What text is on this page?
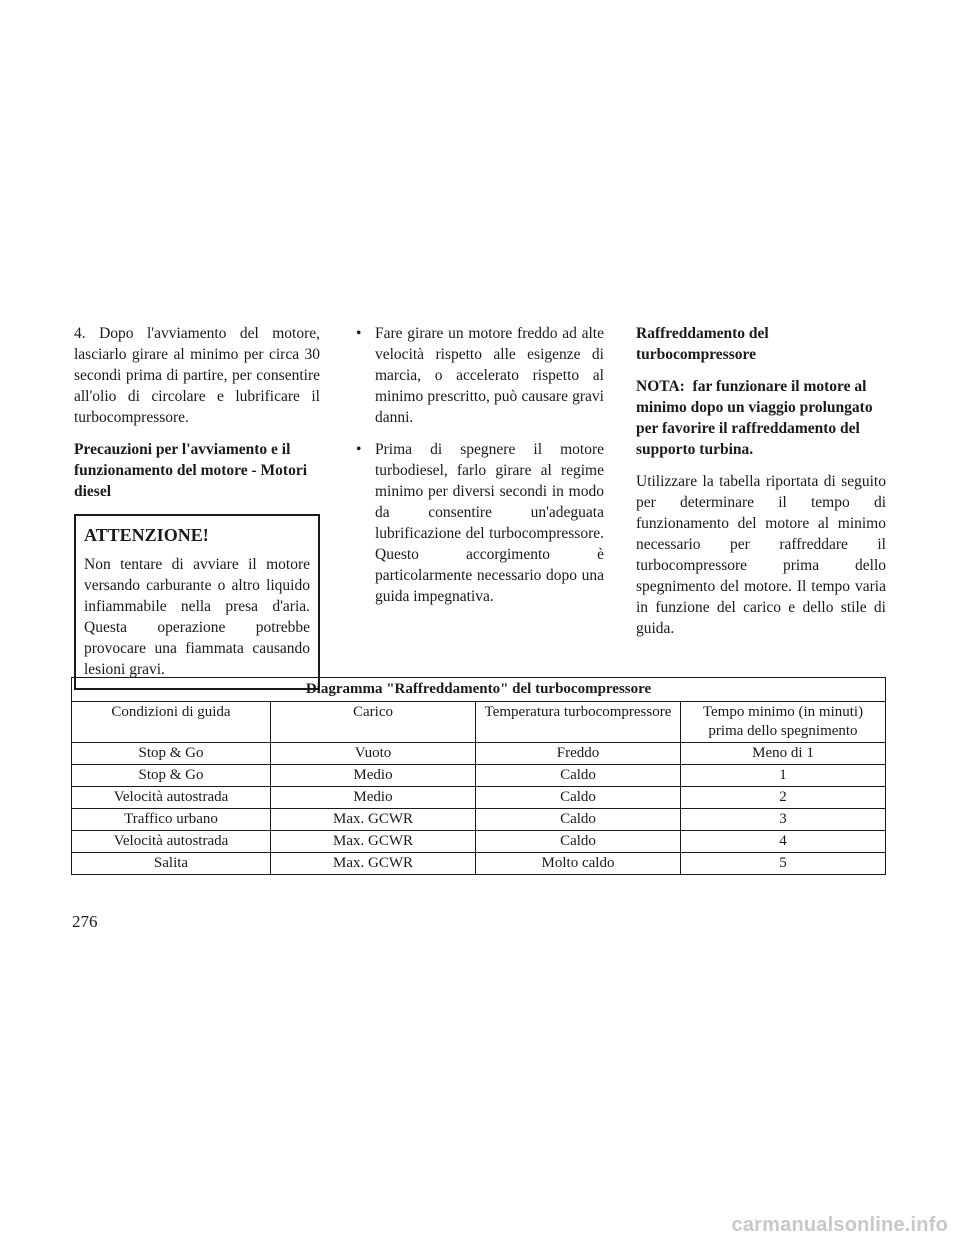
4. Dopo l'avviamento del motore, lasciarlo girare al minimo per circa 30 secondi prima di partire, per consentire all'olio di circolare e lubrificare il turbocompressore.

Precauzioni per l'avviamento e il funzionamento del motore - Motori diesel

ATTENZIONE!

Non tentare di avviare il motore versando carburante o altro liquido infiammabile nella presa d'aria. Questa operazione potrebbe provocare una fiammata causando lesioni gravi.

• Fare girare un motore freddo ad alte velocità rispetto alle esigenze di marcia, o accelerato rispetto al minimo prescritto, può causare gravi danni.
• Prima di spegnere il motore turbodiesel, farlo girare al regime minimo per diversi secondi in modo da consentire un'adeguata lubrificazione del turbocompressore. Questo accorgimento è particolarmente necessario dopo una guida impegnativa.

Raffreddamento del turbocompressore

NOTA: far funzionare il motore al minimo dopo un viaggio prolungato per favorire il raffreddamento del supporto turbina.

Utilizzare la tabella riportata di seguito per determinare il tempo di funzionamento del motore al minimo necessario per raffreddare il turbocompressore prima dello spegnimento del motore. Il tempo varia in funzione del carico e dello stile di guida.

Diagramma "Raffreddamento" del turbocompressore			
Condizioni di guida	Carico	Temperatura turbocompressore	Tempo minimo (in minuti) prima dello spegnimento
Stop & Go	Vuoto	Freddo	Meno di 1
Stop & Go	Medio	Caldo	1
Velocità autostrada	Medio	Caldo	2
Traffico urbano	Max. GCWR	Caldo	3
Velocità autostrada	Max. GCWR	Caldo	4
Salita	Max. GCWR	Molto caldo	5
276
carmanualsonline.info
